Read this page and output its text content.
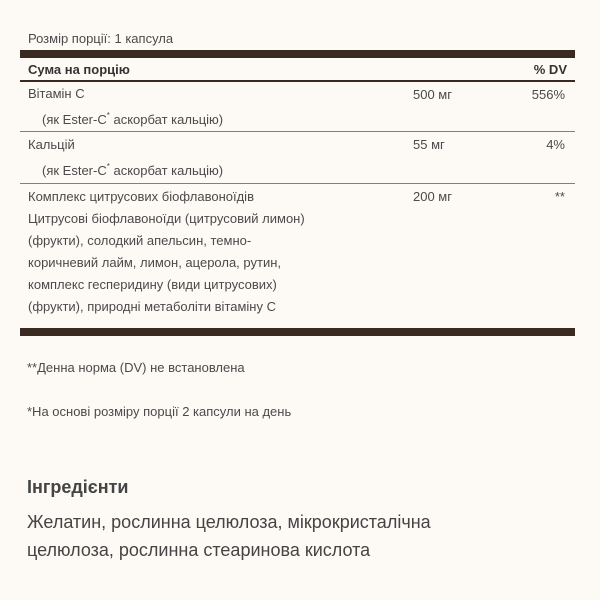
Розмір порції: 1 капсула
Сума на порцію	% DV
Вітамін С
(як Ester-C* аскорбат кальцію)
500 мг	556%
Кальцій
(як Ester-C* аскорбат кальцію)
55 мг	4%
Комплекс цитрусових біофлавоноїдів
Цитрусові біофлавоноїди (цитрусовий лимон)
(фрукти), солодкий апельсин, темно-
коричневий лайм, лимон, ацерола, рутин,
комплекс гесперидину (види цитрусових)
(фрукти), природні метаболіти вітаміну С
200 мг	**
**Денна норма (DV) не встановлена
*На основі розміру порції 2 капсули на день
Інгредієнти
Желатин, рослинна целюлоза, мікрокристалічна
целюлоза, рослинна стеаринова кислота
